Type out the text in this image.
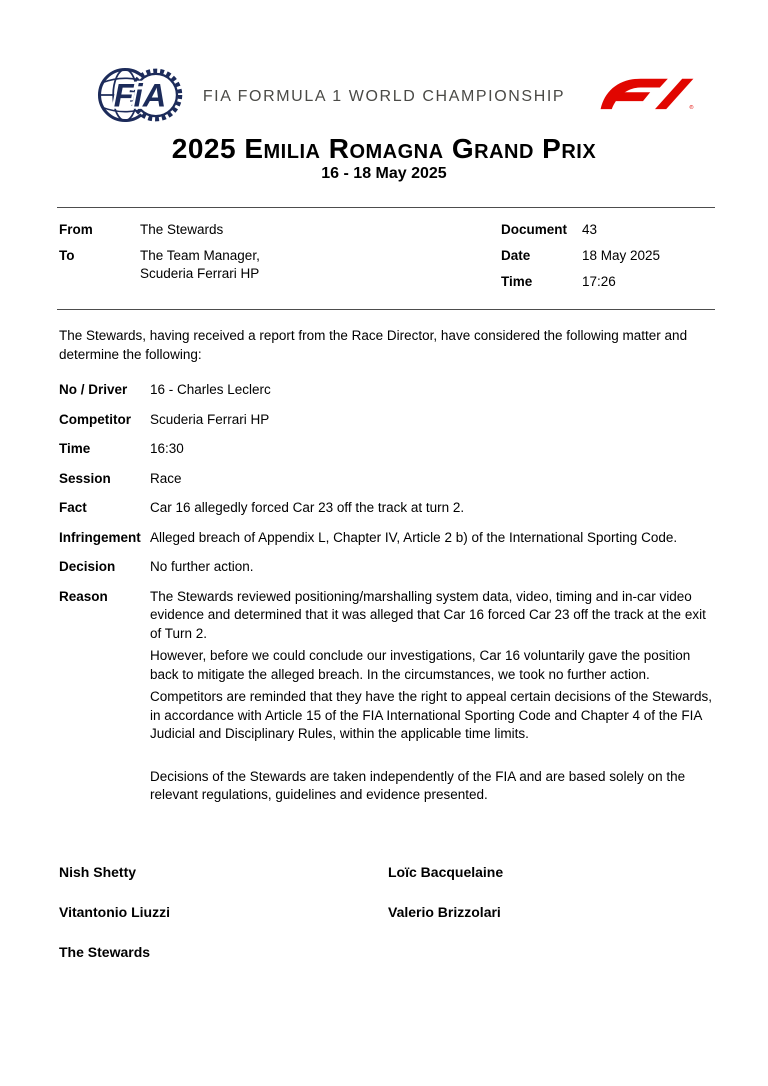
FiA	FIA FORMULA 1 WORLD CHAMPIONSHIP
®
2025 Emilia Romagna Grand Prix
16 - 18 May 2025
From	The Stewards
To	The Team Manager,
Scuderia Ferrari HP
Document	43
Date	18 May 2025
Time	17:26

The Stewards, having received a report from the Race Director, have considered the following matter and determine the following:

No / Driver	16 - Charles Leclerc
Competitor	Scuderia Ferrari HP
Time	16:30
Session	Race
Fact	Car 16 allegedly forced Car 23 off the track at turn 2.
Infringement Alleged breach of Appendix L, Chapter IV, Article 2 b) of the International Sporting Code.
Decision	No further action.
Reason	The Stewards reviewed positioning/marshalling system data, video, timing and in-car video evidence and determined that it was alleged that Car 16 forced Car 23 off the track at the exit of Turn 2.

However, before we could conclude our investigations, Car 16 voluntarily gave the position back to mitigate the alleged breach. In the circumstances, we took no further action.

Competitors are reminded that they have the right to appeal certain decisions of the Stewards, in accordance with Article 15 of the FIA International Sporting Code and Chapter 4 of the FIA Judicial and Disciplinary Rules, within the applicable time limits.

Decisions of the Stewards are taken independently of the FIA and are based solely on the relevant regulations, guidelines and evidence presented.
Nish Shetty	Loïc Bacquelaine
Vitantonio Liuzzi	Valerio Brizzolari
The Stewards
